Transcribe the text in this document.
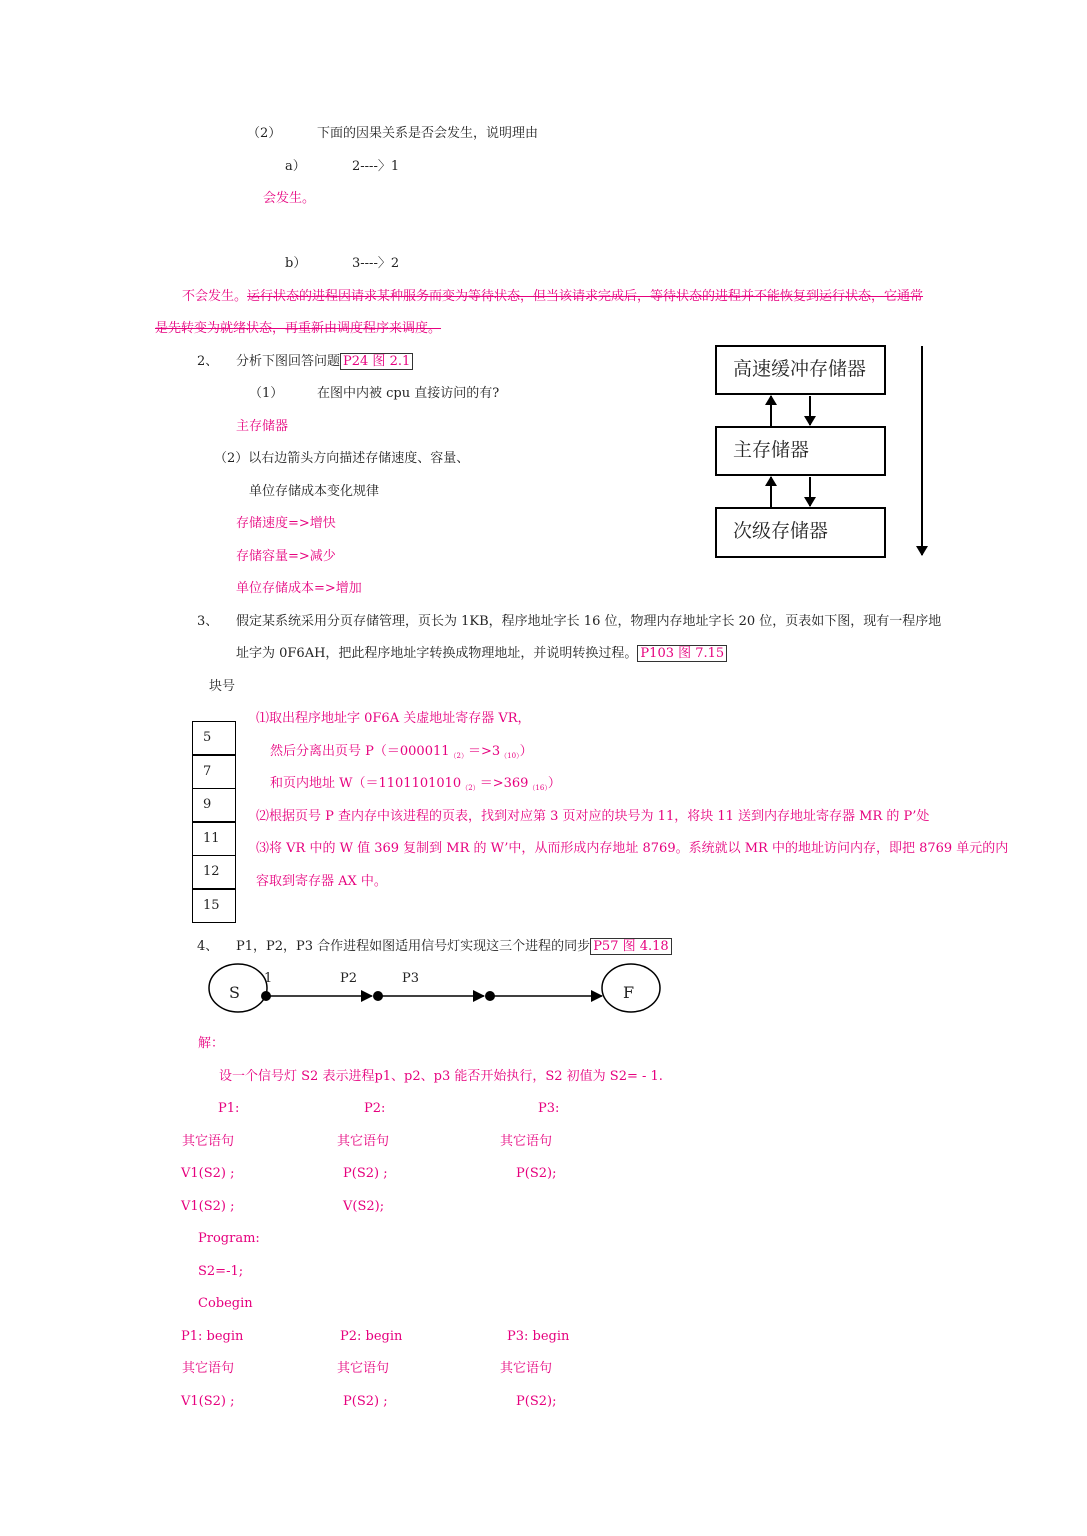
（2）	下面的因果关系是否会发生，说明理由
a）	2----〉1
会发生。
b）	3----〉2
不会发生。运行状态的进程因请求某种服务而变为等待状态，但当该请求完成后，等待状态的进程并不能恢复到运行状态，它通常
是先转变为就绪状态，再重新由调度程序来调度。
2、 分析下图回答问题 P24 图 2.1
（1）	在图中内被 cpu 直接访问的有?
主存储器
（2）以右边箭头方向描述存储速度、容量、
单位存储成本变化规律
存储速度=>增快
存储容量=>减少
单位存储成本=>增加
高速缓冲存储器
主存储器
次级存储器
3、 假定某系统采用分页存储管理，页长为 1KB，程序地址字长 16 位，物理内存地址字长 20 位，页表如下图，现有一程序地
址字为 0F6AH，把此程序地址字转换成物理地址，并说明转换过程。 P103 图 7.15
块号
5
7
9
11
12
15
⑴取出程序地址字 0F6A 关虚地址寄存器 VR，
然后分离出页号 $P(=000011_{(2)}=>3_{(10)})$
和页内地址 $W(=1101101010_{(2)}=>369_{(16)})$
⑵根据页号 P 查内存中该进程的页表，找到对应第 3 页对应的块号为 11，将块 11 送到内存地址寄存器 MR 的 P’处
⑶将 VR 中的 W 值 369 复制到 MR 的 W’中，从而形成内存地址 8769。系统就以 MR 中的地址访问内存，即把 8769 单元的内
容取到寄存器 AX 中。
4、 P1，P2，P3 合作进程如图适用信号灯实现这三个进程的同步 P57 图 4.18
S	F
1	P2	P3
解：
设一个信号灯 S2 表示进程p1、p2、p3 能否开始执行，S2 初值为 S2= - 1.
P1:	P2:	P3:
其它语句	其它语句	其它语句
V1(S2) ;	P(S2) ;	P(S2);
V1(S2) ;	V(S2);
Program:
S2=-1;
Cobegin
P1: begin	P2: begin	P3: begin
其它语句	其它语句	其它语句
V1(S2) ;	P(S2) ;	P(S2);
